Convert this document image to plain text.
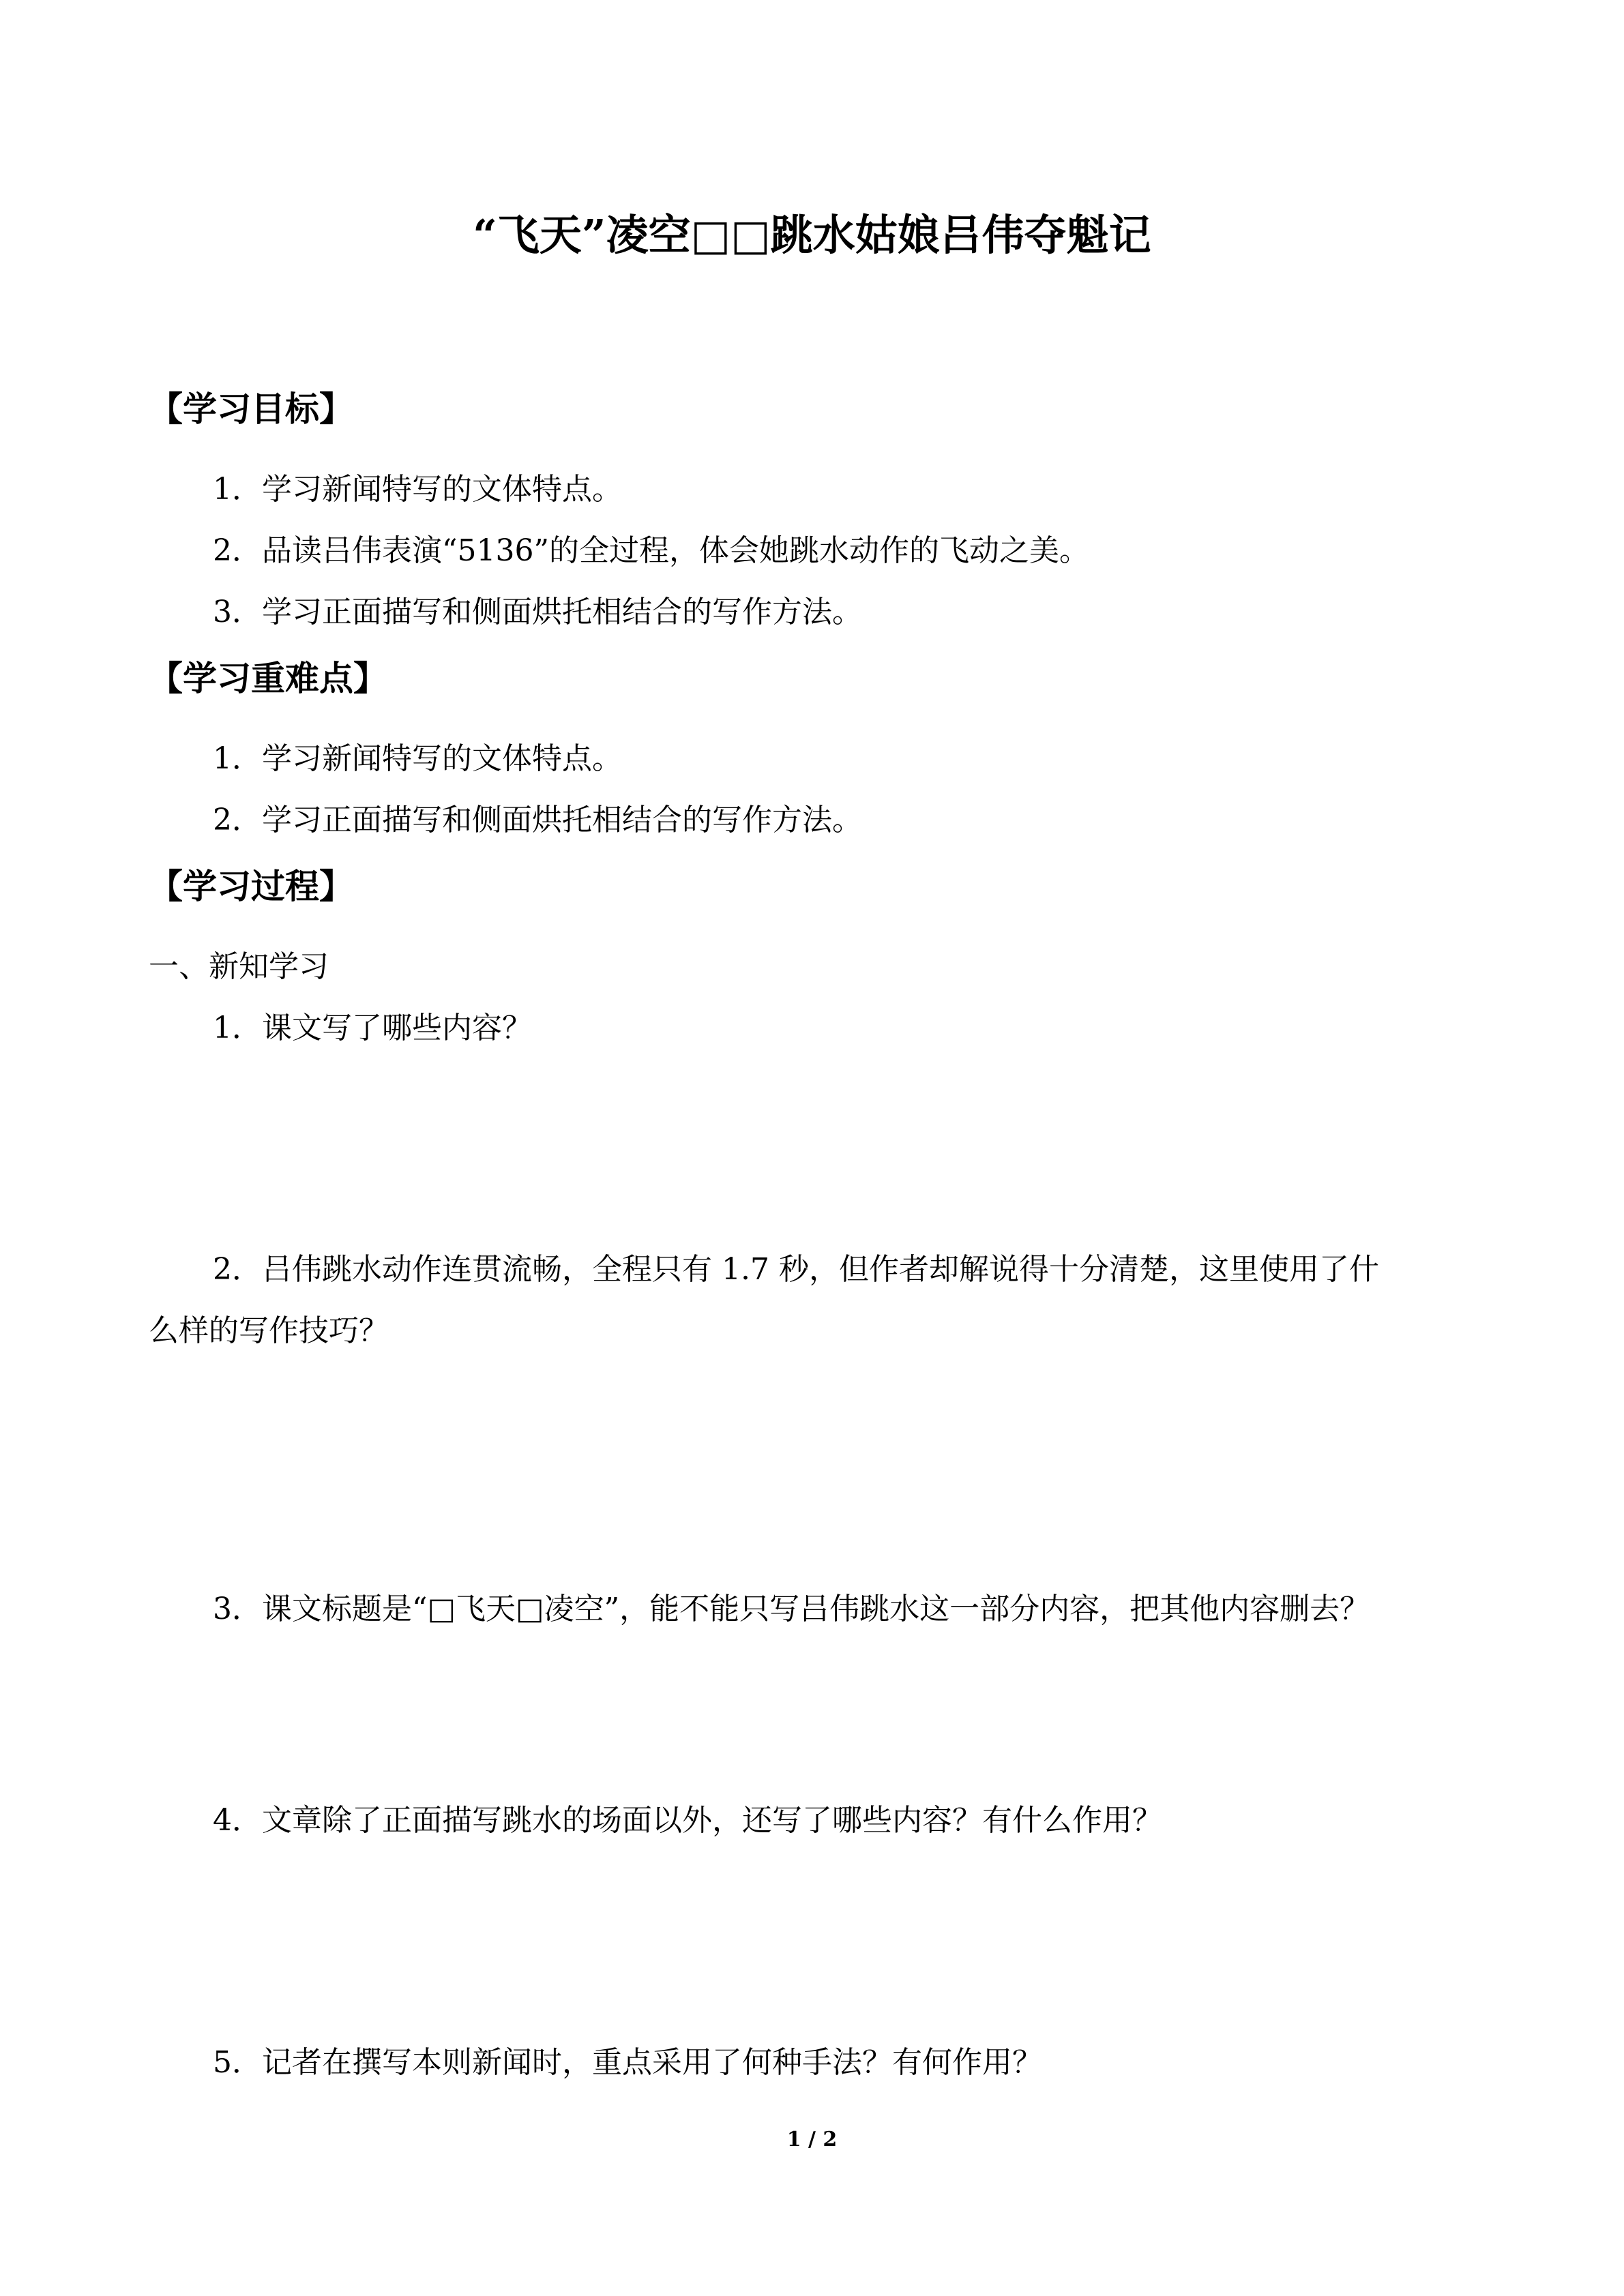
“飞天”凌空□□跳水姑娘吕伟夺魁记
【学习目标】
1．学习新闻特写的文体特点。
2．品读吕伟表演“5136”的全过程，体会她跳水动作的飞动之美。
3．学习正面描写和侧面烘托相结合的写作方法。
【学习重难点】
1．学习新闻特写的文体特点。
2．学习正面描写和侧面烘托相结合的写作方法。
【学习过程】
一、新知学习
1．课文写了哪些内容？
2．吕伟跳水动作连贯流畅，全程只有 1.7 秒，但作者却解说得十分清楚，这里使用了什
么样的写作技巧？
3．课文标题是“□飞天□凌空”，能不能只写吕伟跳水这一部分内容，把其他内容删去？
4．文章除了正面描写跳水的场面以外，还写了哪些内容？有什么作用？
5．记者在撰写本则新闻时，重点采用了何种手法？有何作用？
1 / 2
